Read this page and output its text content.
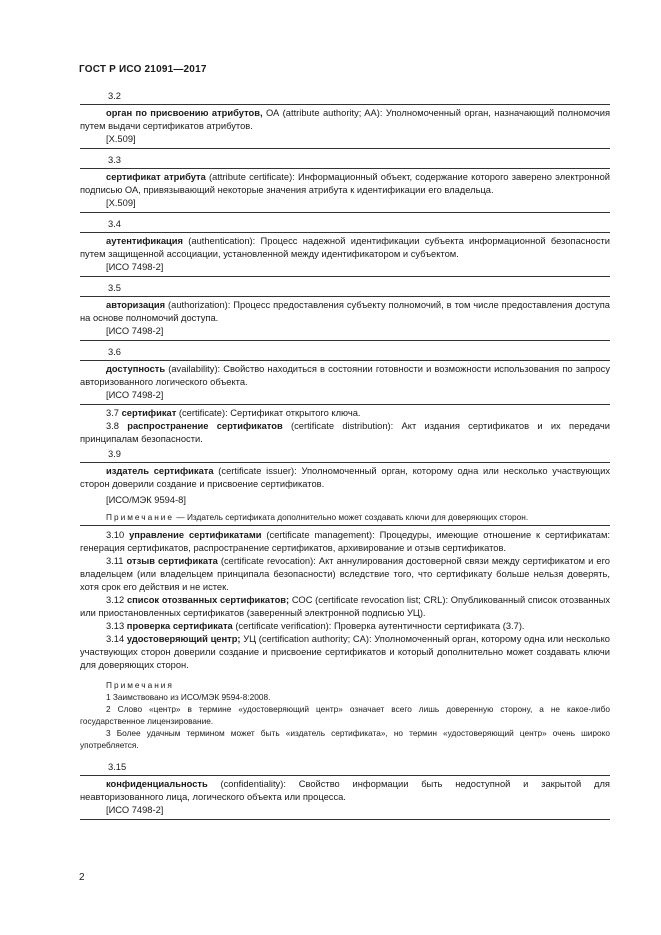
ГОСТ Р ИСО 21091—2017
3.2

орган по присвоению атрибутов, ОА (attribute authority; AA): Уполномоченный орган, назначающий полномочия путем выдачи сертификатов атрибутов.

[X.509]

3.3

сертификат атрибута (attribute certificate): Информационный объект, содержание которого заверено электронной подписью ОА, привязывающий некоторые значения атрибута к идентификации его владельца.

[X.509]

3.4

аутентификация (authentication): Процесс надежной идентификации субъекта информационной безопасности путем защищенной ассоциации, установленной между идентификатором и субъектом.

[ИСО 7498-2]

3.5

авторизация (authorization): Процесс предоставления субъекту полномочий, в том числе предоставления доступа на основе полномочий доступа.

[ИСО 7498-2]

3.6

доступность (availability): Свойство находиться в состоянии готовности и возможности использования по запросу авторизованного логического объекта.

[ИСО 7498-2]

3.7 сертификат (certificate): Сертификат открытого ключа.

3.8 распространение сертификатов (certificate distribution): Акт издания сертификатов и их передачи принципалам безопасности.

3.9

издатель сертификата (certificate issuer): Уполномоченный орган, которому одна или несколько участвующих сторон доверили создание и присвоение сертификатов.

[ИСО/МЭК 9594-8]

Примечание — Издатель сертификата дополнительно может создавать ключи для доверяющих сторон.

3.10 управление сертификатами (certificate management): Процедуры, имеющие отношение к сертификатам: генерация сертификатов, распространение сертификатов, архивирование и отзыв сертификатов.

3.11 отзыв сертификата (certificate revocation): Акт аннулирования достоверной связи между сертификатом и его владельцем (или владельцем принципала безопасности) вследствие того, что сертификату больше нельзя доверять, хотя срок его действия и не истек.

3.12 список отозванных сертификатов; СОС (certificate revocation list; CRL): Опубликованный список отозванных или приостановленных сертификатов (заверенный электронной подписью УЦ).

3.13 проверка сертификата (certificate verification): Проверка аутентичности сертификата (3.7).

3.14 удостоверяющий центр; УЦ (certification authority; CA): Уполномоченный орган, которому одна или несколько участвующих сторон доверили создание и присвоение сертификатов и который дополнительно может создавать ключи для доверяющих сторон.

Примечания

1 Заимствовано из ИСО/МЭК 9594-8:2008.

2 Слово «центр» в термине «удостоверяющий центр» означает всего лишь доверенную сторону, а не какое-либо государственное лицензирование.

3 Более удачным термином может быть «издатель сертификата», но термин «удостоверяющий центр» очень широко употребляется.

3.15

конфиденциальность (confidentiality): Свойство информации быть недоступной и закрытой для неавторизованного лица, логического объекта или процесса.

[ИСО 7498-2]

2
